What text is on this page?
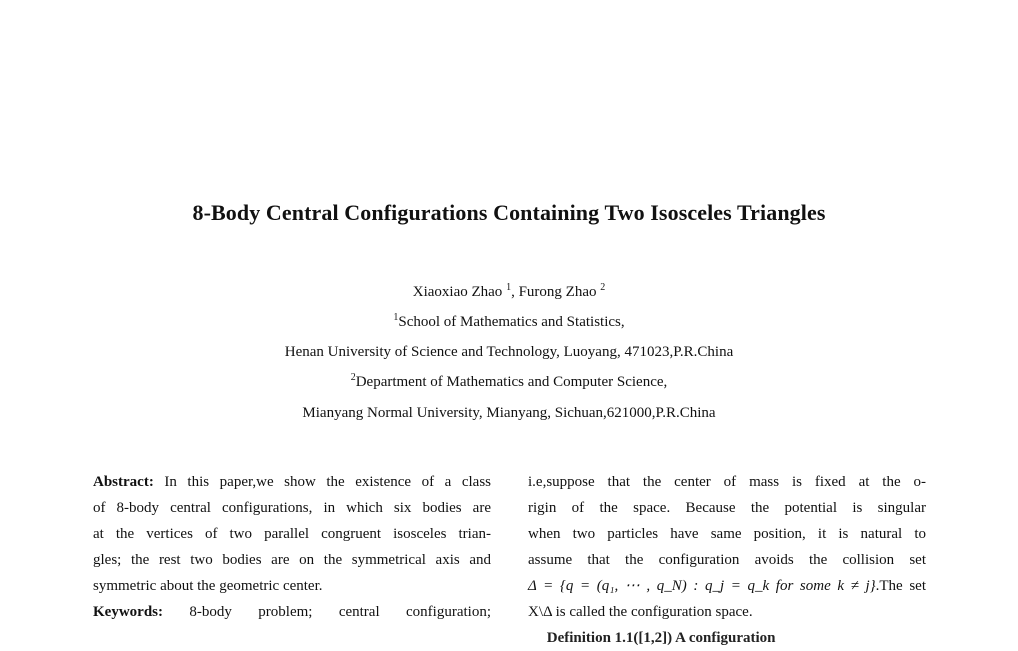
8-Body Central Configurations Containing Two Isosceles Triangles
Xiaoxiao Zhao $^1$, Furong Zhao $^2$
$^1$School of Mathematics and Statistics,
Henan University of Science and Technology, Luoyang, 471023,P.R.China
$^2$Department of Mathematics and Computer Science,
Mianyang Normal University, Mianyang, Sichuan,621000,P.R.China
Abstract: In this paper,we show the existence of a class
of 8-body central configurations, in which six bodies are
at the vertices of two parallel congruent isosceles trian-
gles; the rest two bodies are on the symmetrical axis and
symmetric about the geometric center.
Keywords: 8-body problem; central configuration;
i.e,suppose that the center of mass is fixed at the o-
rigin of the space. Because the potential is singular
when two particles have same position, it is natural to
assume that the configuration avoids the collision set
Δ = {q = (q₁, ⋯ , q_N) : q_j = q_k for some k ≠ j}.The set
X\Δ is called the configuration space.
Definition 1.1([1,2]) A configuration
